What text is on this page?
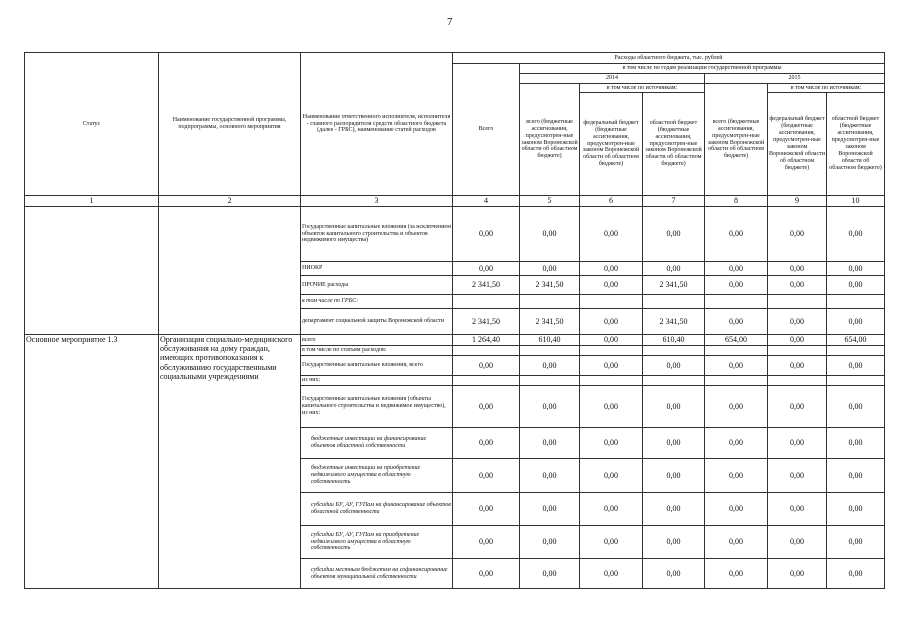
7
Статус	Наименование государственной программы, подпрограммы, основного мероприятия	Наименование ответственного исполнителя, исполнителя - главного распорядителя средств областного бюджета (далее - ГРБС), наименование статей расходов	Расходы областного бюджета, тыс. рублей						
			Всего	в том числе по годам реализации государственной программы					
				2014			2015		
				всего (бюджетные ассигнования, предусмотрен-ные законом Воронежской области об областном бюджете)	в том числе по источникам:		всего (бюджетные ассигнования, предусмотрен-ные законом Воронежской области об областном бюджете)	в том числе по источникам:	
					федеральный бюджет (бюджетные ассигнования, предусмотрен-ные законом Воронежской области об областном бюджете)	областной бюджет (бюджетные ассигнования, предусмотрен-ные законом Воронежской области об областном бюджете)		федеральный бюджет (бюджетные ассигнования, предусмотрен-ные законом Воронежской области об областном бюджете)	областной бюджет (бюджетные ассигнования, предусмотрен-ные законом Воронежской области об областном бюджете)
1	2	3	4	5	6	7	8	9	10
		Государственные капитальные вложения (за исключением объектов капитального строительства и объектов недвижимого имущества)	0,00	0,00	0,00	0,00	0,00	0,00	0,00
		НИОКР	0,00	0,00	0,00	0,00	0,00	0,00	0,00
		ПРОЧИЕ расходы	2 341,50	2 341,50	0,00	2 341,50	0,00	0,00	0,00
		в том числе по ГРБС:							
		департамент социальной защиты Воронежской области	2 341,50	2 341,50	0,00	2 341,50	0,00	0,00	0,00
Основное мероприятие 1.3	Организация социально-медицинского обслуживания на дому граждан, имеющих противопоказания к обслуживанию государственными социальными учреждениями	всего	1 264,40	610,40	0,00	610,40	654,00	0,00	654,00
		в том числе по статьям расходов:							
		Государственные капитальные вложения, всего	0,00	0,00	0,00	0,00	0,00	0,00	0,00
		из них:							
		Государственные капитальные вложения (объекты капитального строительства и недвижимое имущество), из них:	0,00	0,00	0,00	0,00	0,00	0,00	0,00
		бюджетные инвестиции на финансирование объектов областной собственности	0,00	0,00	0,00	0,00	0,00	0,00	0,00
		бюджетные инвестиции на приобретение недвижимого имущества в областную собственность	0,00	0,00	0,00	0,00	0,00	0,00	0,00
		субсидии БУ, АУ, ГУПам на финансирование объектов областной собственности	0,00	0,00	0,00	0,00	0,00	0,00	0,00
		субсидии БУ, АУ, ГУПам на приобретение недвижимого имущества в областную собственность	0,00	0,00	0,00	0,00	0,00	0,00	0,00
		субсидии местным бюджетам на софинансирование объектов муниципальной собственности	0,00	0,00	0,00	0,00	0,00	0,00	0,00
